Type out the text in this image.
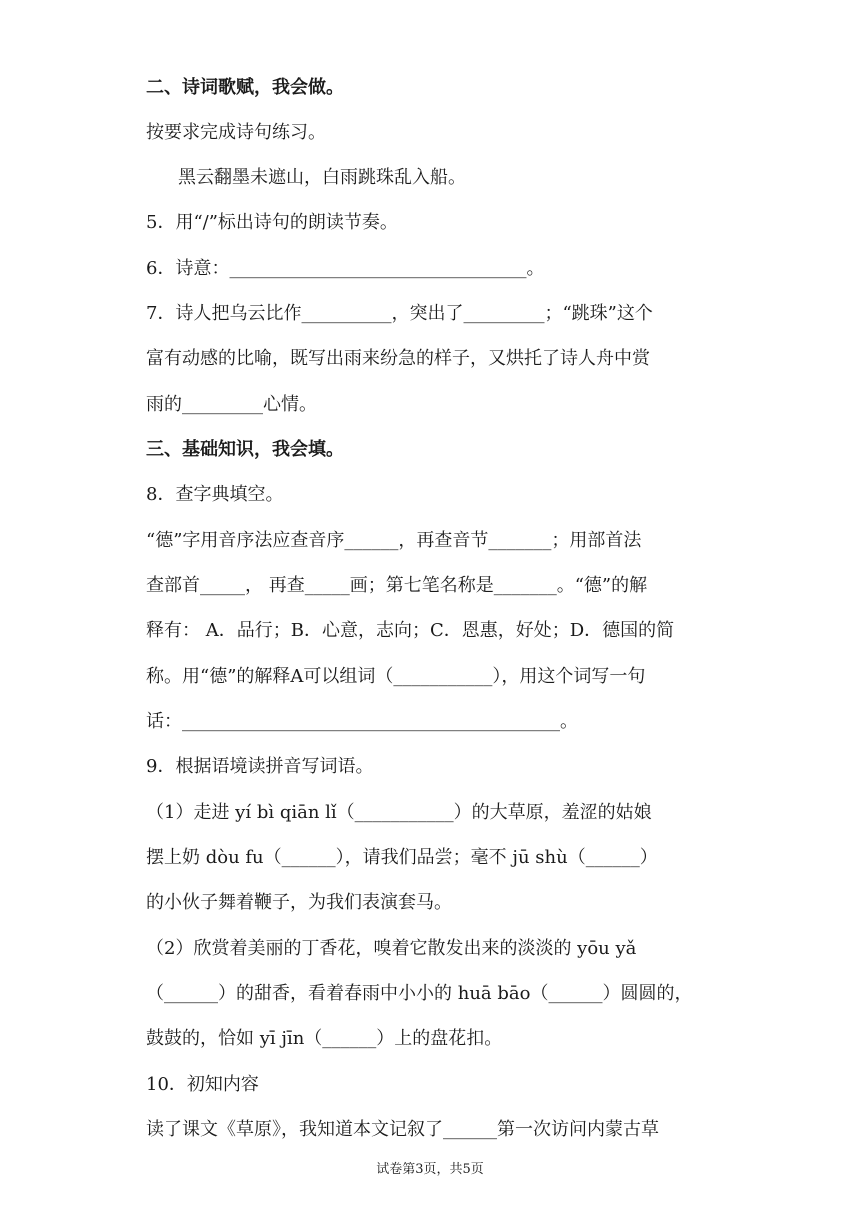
二、诗词歌赋，我会做。
按要求完成诗句练习。
黑云翻墨未遮山，白雨跳珠乱入船。
5．用“/”标出诗句的朗读节奏。
6．诗意：_________________________________。
7．诗人把乌云比作__________，突出了_________；“跳珠”这个
富有动感的比喻，既写出雨来纷急的样子，又烘托了诗人舟中赏
雨的_________心情。
三、基础知识，我会填。
8．查字典填空。
“德”字用音序法应查音序______，再查音节_______；用部首法
查部首_____， 再查_____画；第七笔名称是_______。“德”的解
释有： A．品行；B．心意，志向；C．恩惠，好处；D．德国的简
称。用“德”的解释A可以组词（___________），用这个词写一句
话：__________________________________________。
9．根据语境读拼音写词语。
（1）走进 yí bì qiān lǐ（___________）的大草原，羞涩的姑娘
摆上奶 dòu fu（______），请我们品尝；毫不 jū shù（______）
的小伙子舞着鞭子，为我们表演套马。
（2）欣赏着美丽的丁香花，嗅着它散发出来的淡淡的 yōu yǎ
（______）的甜香，看着春雨中小小的 huā bāo（______）圆圆的，
鼓鼓的，恰如 yī jīn（______）上的盘花扣。
10．初知内容
读了课文《草原》，我知道本文记叙了______第一次访问内蒙古草
试卷第3页，共5页
